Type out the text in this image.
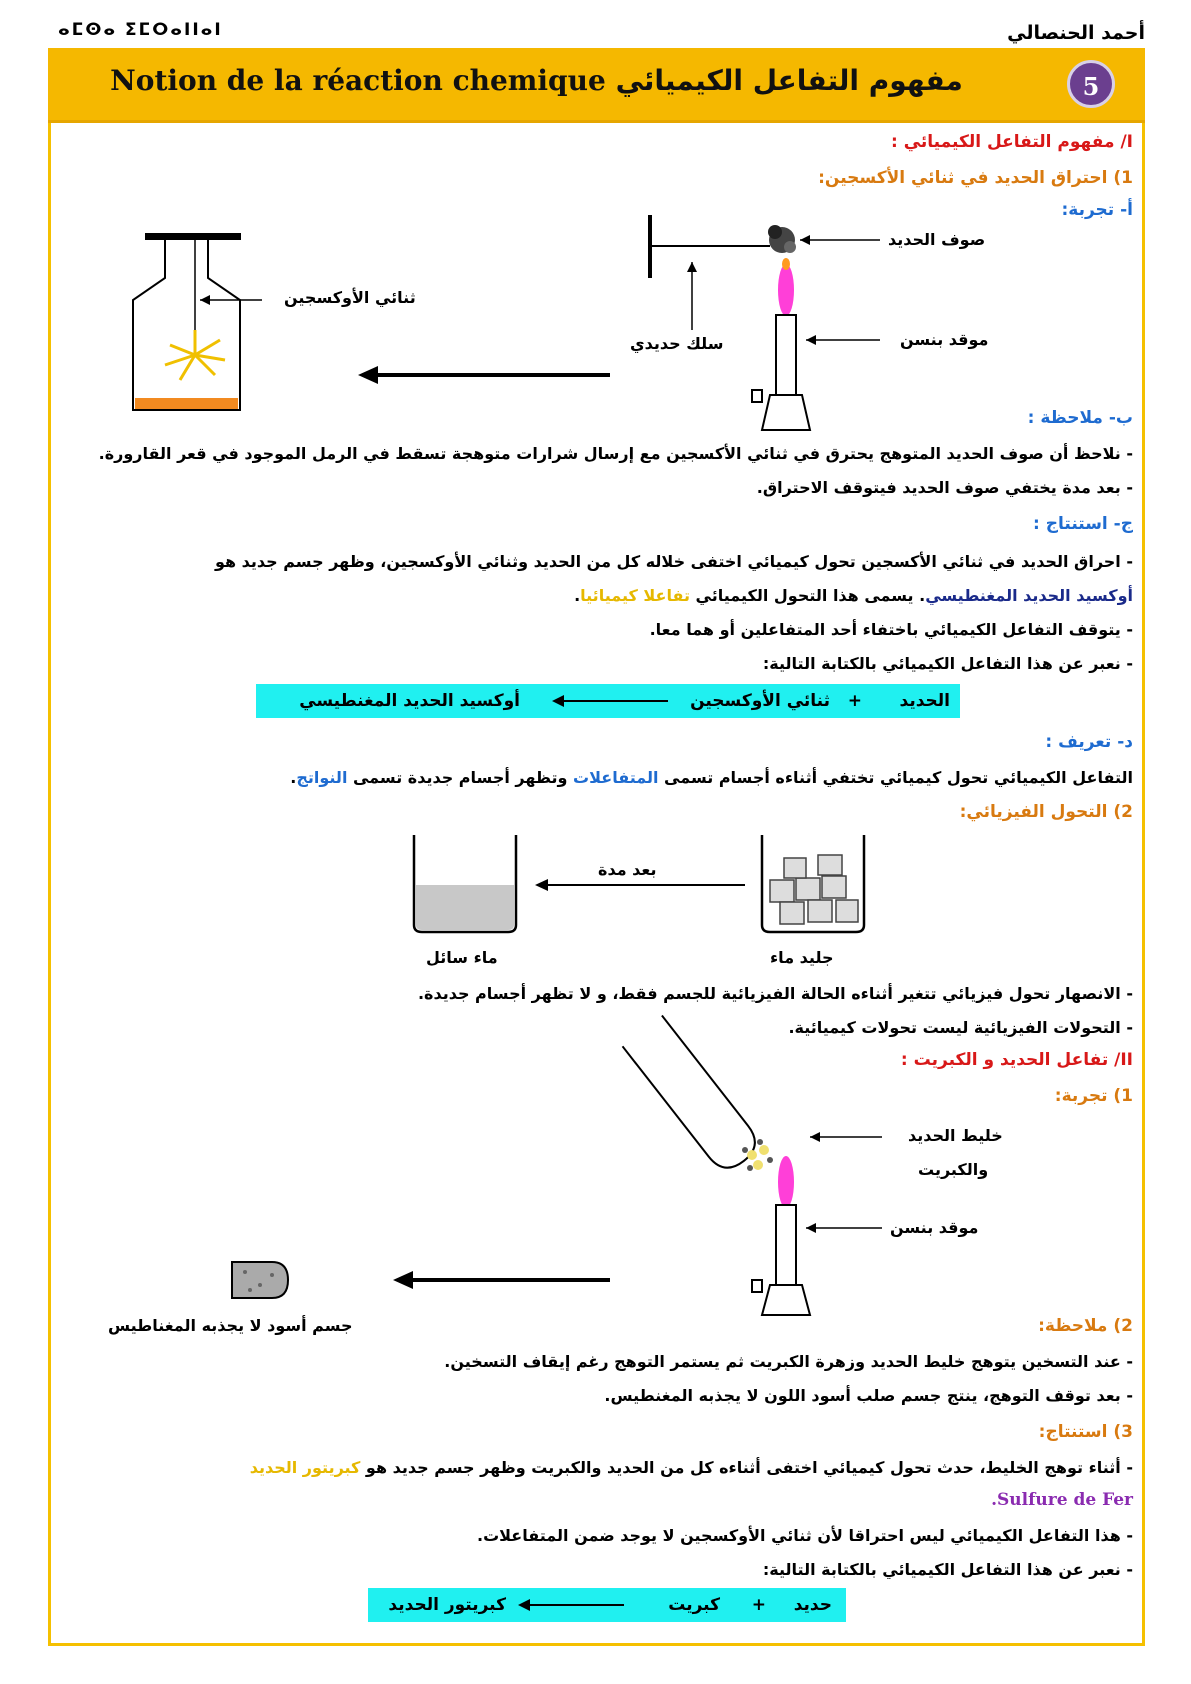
ⴰⵎⵙⴰ ⵉⵎⵔⴰⵏⵏⴰⵏ	أحمد الحنصالي
Notion de la réaction chemique مفهوم التفاعل الكيميائي	5
I/ مفهوم التفاعل الكيميائي :
1) احتراق الحديد في ثنائي الأكسجين:
أ- تجربة:
صوف الحديد
سلك حديدي	موقد بنسن
ثنائي الأوكسجين
ب- ملاحظة :
- نلاحظ أن صوف الحديد المتوهج يحترق في ثنائي الأكسجين مع إرسال شرارات متوهجة تسقط في الرمل الموجود في قعر القارورة.
- بعد مدة يختفي صوف الحديد فيتوقف الاحتراق.
ج- استنتاج :
- احراق الحديد في ثنائي الأكسجين تحول كيميائي اختفى خلاله كل من الحديد وثنائي الأوكسجين، وظهر جسم جديد هو
أوكسيد الحديد المغنطيسي. يسمى هذا التحول الكيميائي تفاعلا كيميائيا.
- يتوقف التفاعل الكيميائي باختفاء أحد المتفاعلين أو هما معا.
- نعبر عن هذا التفاعل الكيميائي بالكتابة التالية:
الحديد
+
ثنائي الأوكسجين
أوكسيد الحديد المغنطيسي
د- تعريف :
التفاعل الكيميائي تحول كيميائي تختفي أثناءه أجسام تسمى المتفاعلات وتظهر أجسام جديدة تسمى النواتج.
2) التحول الفيزيائي:
بعد مدة
جليد ماء
ماء سائل
- الانصهار تحول فيزيائي تتغير أثناءه الحالة الفيزيائية للجسم فقط، و لا تظهر أجسام جديدة.
- التحولات الفيزيائية ليست تحولات كيميائية.
II/ تفاعل الحديد و الكبريت :
1) تجربة:
خليط الحديد
والكبريت
موقد بنسن
جسم أسود لا يجذبه المغناطيس	2) ملاحظة:
- عند التسخين يتوهج خليط الحديد وزهرة الكبريت ثم يستمر التوهج رغم إيقاف التسخين.
- بعد توقف التوهج، ينتج جسم صلب أسود اللون لا يجذبه المغنطيس.
3) استنتاج:
- أثناء توهج الخليط، حدث تحول كيميائي اختفى أثناءه كل من الحديد والكبريت وظهر جسم جديد هو كبريتور الحديد
Sulfure de Fer.
- هذا التفاعل الكيميائي ليس احتراقا لأن ثنائي الأوكسجين لا يوجد ضمن المتفاعلات.
- نعبر عن هذا التفاعل الكيميائي بالكتابة التالية:
حديد
+
كبريت
كبريتور الحديد
